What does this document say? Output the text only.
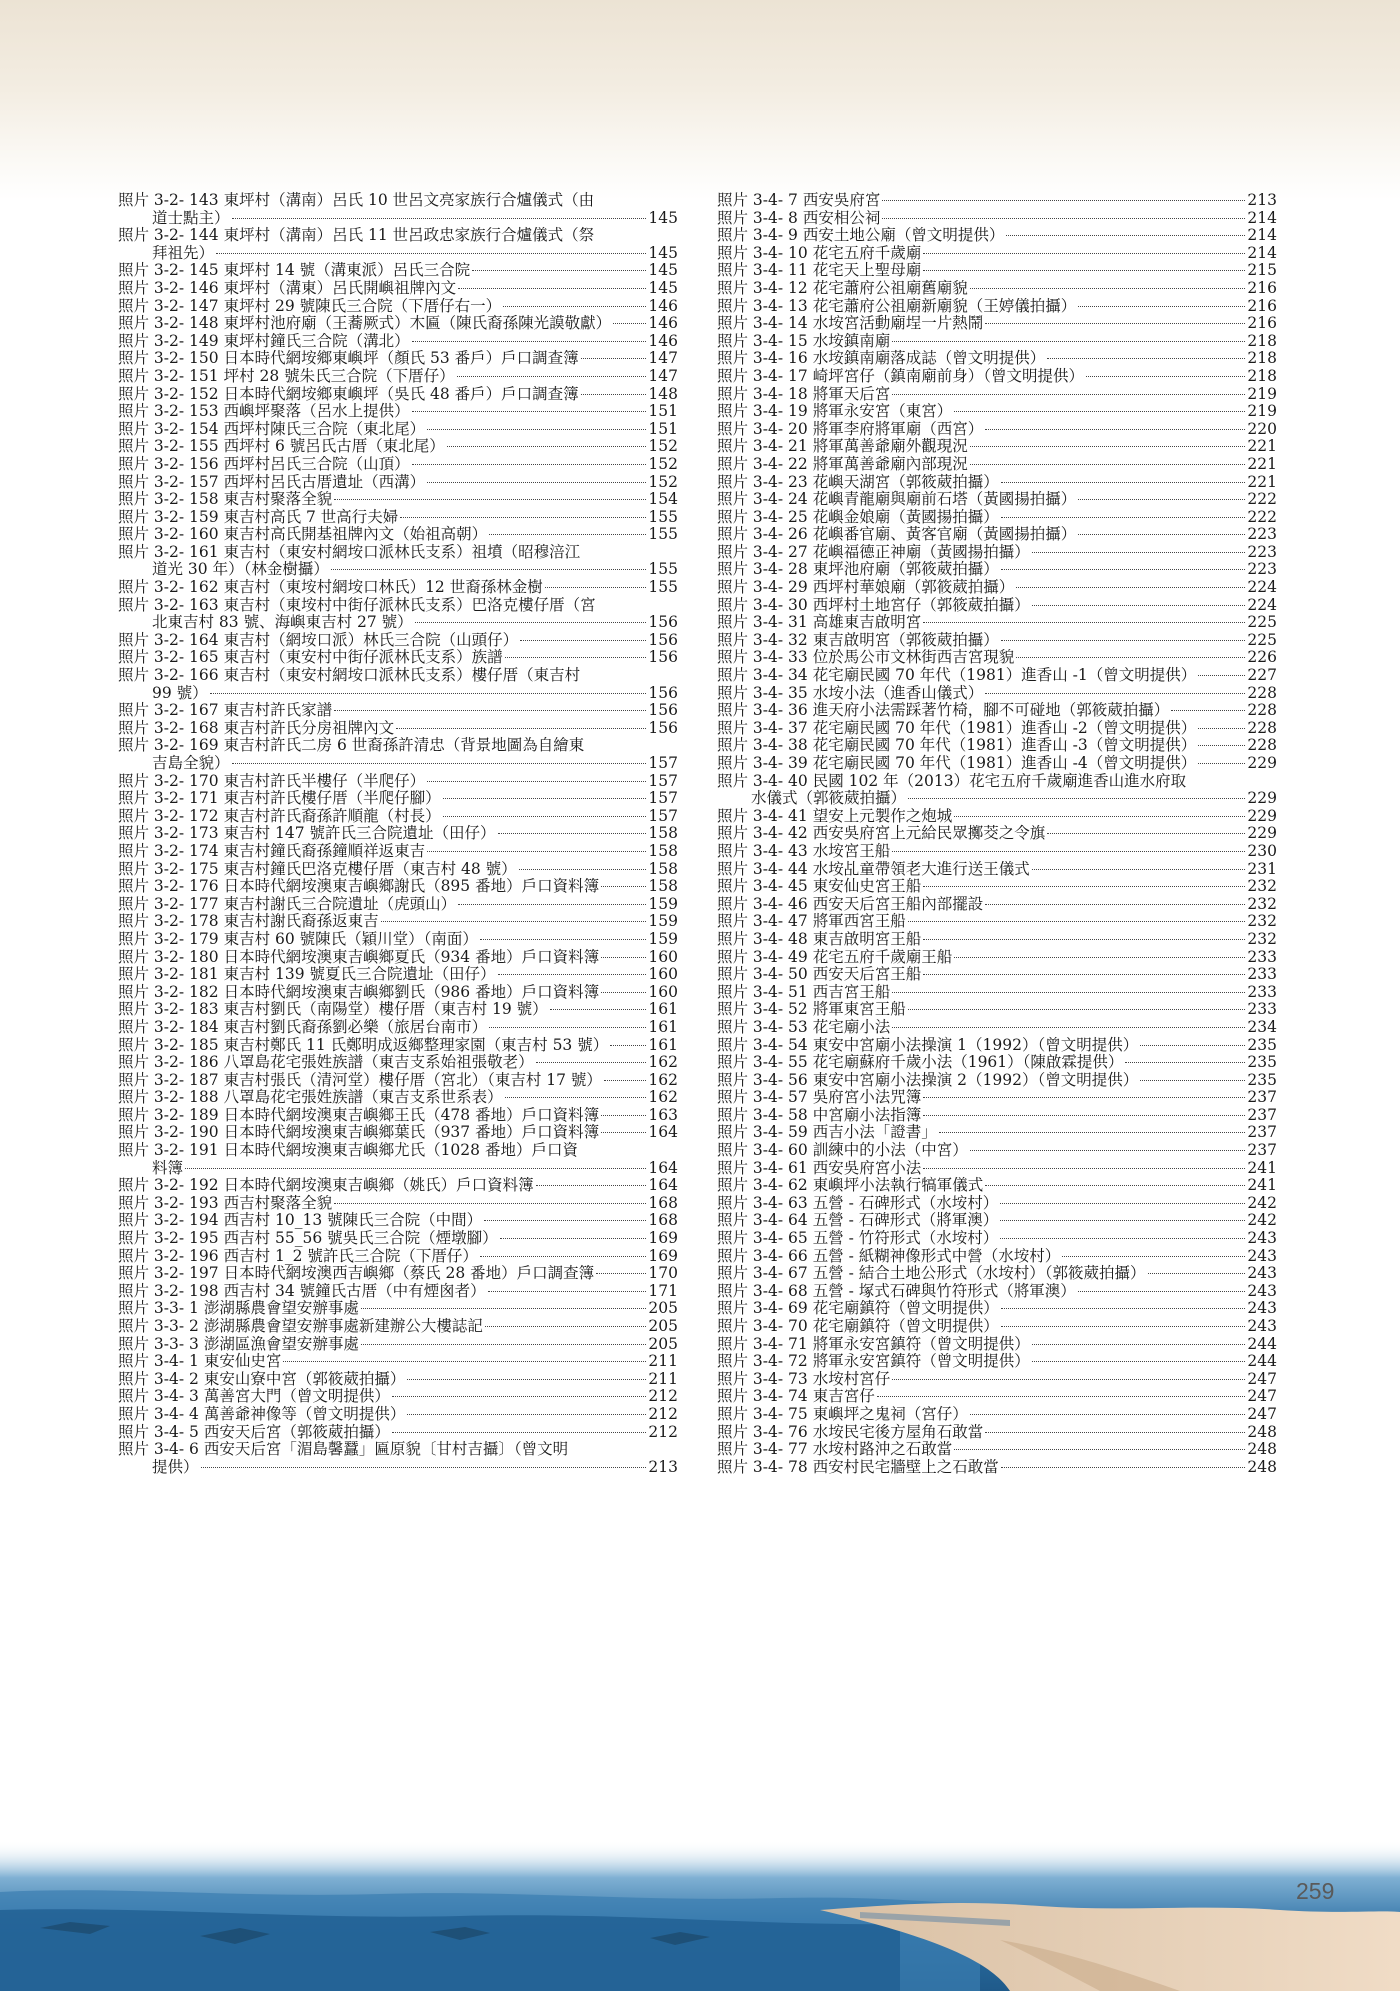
照片 3-2- 143 東坪村（溝南）呂氏 10 世呂文亮家族行合爐儀式（由
道士點主）	145
照片 3-2- 144 東坪村（溝南）呂氏 11 世呂政忠家族行合爐儀式（祭
拜祖先）	145
照片 3-2- 145 東坪村 14 號（溝東派）呂氏三合院	145
照片 3-2- 146 東坪村（溝東）呂氏開嶼祖牌內文	145
照片 3-2- 147 東坪村 29 號陳氏三合院（下厝仔右一）	146
照片 3-2- 148 東坪村池府廟（王蕎厥式）木匾（陳氏裔孫陳光謨敬獻） 146
照片 3-2- 149 東坪村鐘氏三合院（溝北）	146
照片 3-2- 150 日本時代網垵鄉東嶼坪（顏氏 53 番戶）戶口調查簿	147
照片 3-2- 151 坪村 28 號朱氏三合院（下厝仔）	147
照片 3-2- 152 日本時代網垵鄉東嶼坪（吳氏 48 番戶）戶口調查簿	148
照片 3-2- 153 西嶼坪聚落（呂水上提供）	151
照片 3-2- 154 西坪村陳氏三合院（東北尾）	151
照片 3-2- 155 西坪村 6 號呂氏古厝（東北尾）	152
照片 3-2- 156 西坪村呂氏三合院（山頂）	152
照片 3-2- 157 西坪村呂氏古厝遺址（西溝）	152
照片 3-2- 158 東吉村聚落全貌	154
照片 3-2- 159 東吉村高氏 7 世高行夫婦	155
照片 3-2- 160 東吉村高氏開基祖牌內文（始祖高朝）	155
照片 3-2- 161 東吉村（東安村網垵口派林氏支系）祖墳（昭穆涪江
道光 30 年）（林金樹攝）	155
照片 3-2- 162 東吉村（東垵村網垵口林氏）12 世裔孫林金樹	155
照片 3-2- 163 東吉村（東垵村中街仔派林氏支系）巴洛克樓仔厝（宮
北東吉村 83 號、海嶼東吉村 27 號）	156
照片 3-2- 164 東吉村（網垵口派）林氏三合院（山頭仔）	156
照片 3-2- 165 東吉村（東安村中街仔派林氏支系）族譜	156
照片 3-2- 166 東吉村（東安村網垵口派林氏支系）樓仔厝（東吉村
99 號）	156
照片 3-2- 167 東吉村許氏家譜	156
照片 3-2- 168 東吉村許氏分房祖牌內文	156
照片 3-2- 169 東吉村許氏二房 6 世裔孫許清忠（背景地圖為自繪東
吉島全貌）	157
照片 3-2- 170 東吉村許氏半樓仔（半爬仔）	157
照片 3-2- 171 東吉村許氏樓仔厝（半爬仔腳）	157
照片 3-2- 172 東吉村許氏裔孫許順龍（村長）	157
照片 3-2- 173 東吉村 147 號許氏三合院遺址（田仔）	158
照片 3-2- 174 東吉村鐘氏裔孫鐘順祥返東吉	158
照片 3-2- 175 東吉村鐘氏巴洛克樓仔厝（東吉村 48 號）	158
照片 3-2- 176 日本時代網垵澳東吉嶼鄉謝氏（895 番地）戶口資料簿	158
照片 3-2- 177 東吉村謝氏三合院遺址（虎頭山）	159
照片 3-2- 178 東吉村謝氏裔孫返東吉	159
照片 3-2- 179 東吉村 60 號陳氏（穎川堂）（南面）	159
照片 3-2- 180 日本時代網垵澳東吉嶼鄉夏氏（934 番地）戶口資料簿	160
照片 3-2- 181 東吉村 139 號夏氏三合院遺址（田仔）	160
照片 3-2- 182 日本時代網垵澳東吉嶼鄉劉氏（986 番地）戶口資料簿	160
照片 3-2- 183 東吉村劉氏（南陽堂）樓仔厝（東吉村 19 號）	161
照片 3-2- 184 東吉村劉氏裔孫劉必樂（旅居台南市）	161
照片 3-2- 185 東吉村鄭氏 11 氏鄭明成返鄉整理家園（東吉村 53 號）	161
照片 3-2- 186 八罩島花宅張姓族譜（東吉支系始祖張敬老）	162
照片 3-2- 187 東吉村張氏（清河堂）樓仔厝（宮北）（東吉村 17 號）	162
照片 3-2- 188 八罩島花宅張姓族譜（東吉支系世系表）	162
照片 3-2- 189 日本時代網垵澳東吉嶼鄉王氏（478 番地）戶口資料簿	163
照片 3-2- 190 日本時代網垵澳東吉嶼鄉葉氏（937 番地）戶口資料簿	164
照片 3-2- 191 日本時代網垵澳東吉嶼鄉尤氏（1028 番地）戶口資
料簿	164
照片 3-2- 192 日本時代網垵澳東吉嶼鄉（姚氏）戶口資料簿	164
照片 3-2- 193 西吉村聚落全貌	168
照片 3-2- 194 西吉村 10_13 號陳氏三合院（中間）	168
照片 3-2- 195 西吉村 55_56 號吳氏三合院（煙墩腳）	169
照片 3-2- 196 西吉村 1_2 號許氏三合院（下厝仔）	169
照片 3-2- 197 日本時代網垵澳西吉嶼鄉（蔡氏 28 番地）戶口調查簿	170
照片 3-2- 198 西吉村 34 號鐘氏古厝（中有煙囪者）	171
照片 3-3- 1 澎湖縣農會望安辦事處	205
照片 3-3- 2 澎湖縣農會望安辦事處新建辦公大樓誌記	205
照片 3-3- 3 澎湖區漁會望安辦事處	205
照片 3-4- 1 東安仙史宮	211
照片 3-4- 2 東安山寮中宮（郭筱葳拍攝）	211
照片 3-4- 3 萬善宮大門（曾文明提供）	212
照片 3-4- 4 萬善爺神像等（曾文明提供）	212
照片 3-4- 5 西安天后宮（郭筱葳拍攝）	212
照片 3-4- 6 西安天后宮「湄島馨蠶」匾原貌〔甘村吉攝〕（曾文明
提供）	213
照片 3-4- 7 西安吳府宮	213
照片 3-4- 8 西安相公祠	214
照片 3-4- 9 西安土地公廟（曾文明提供）	214
照片 3-4- 10 花宅五府千歲廟	214
照片 3-4- 11 花宅天上聖母廟	215
照片 3-4- 12 花宅蕭府公祖廟舊廟貌	216
照片 3-4- 13 花宅蕭府公祖廟新廟貌（王婷儀拍攝）	216
照片 3-4- 14 水垵宮活動廟埕一片熱鬧	216
照片 3-4- 15 水垵鎮南廟	218
照片 3-4- 16 水垵鎮南廟落成誌（曾文明提供）	218
照片 3-4- 17 崎坪宮仔（鎮南廟前身）（曾文明提供）	218
照片 3-4- 18 將軍天后宮	219
照片 3-4- 19 將軍永安宮（東宮）	219
照片 3-4- 20 將軍李府將軍廟（西宮）	220
照片 3-4- 21 將軍萬善爺廟外觀現況	221
照片 3-4- 22 將軍萬善爺廟內部現況	221
照片 3-4- 23 花嶼天湖宮（郭筱葳拍攝）	221
照片 3-4- 24 花嶼青龍廟與廟前石塔（黃國揚拍攝）	222
照片 3-4- 25 花嶼金娘廟（黃國揚拍攝）	222
照片 3-4- 26 花嶼番官廟、黃客官廟（黃國揚拍攝）	223
照片 3-4- 27 花嶼福德正神廟（黃國揚拍攝）	223
照片 3-4- 28 東坪池府廟（郭筱葳拍攝）	223
照片 3-4- 29 西坪村華娘廟（郭筱葳拍攝）	224
照片 3-4- 30 西坪村土地宮仔（郭筱葳拍攝）	224
照片 3-4- 31 高雄東吉啟明宮	225
照片 3-4- 32 東吉啟明宮（郭筱葳拍攝）	225
照片 3-4- 33 位於馬公市文林街西吉宮現貌	226
照片 3-4- 34 花宅廟民國 70 年代（1981）進香山 -1（曾文明提供）	227
照片 3-4- 35 水垵小法（進香山儀式）	228
照片 3-4- 36 進天府小法需踩著竹椅，腳不可碰地（郭筱葳拍攝）	228
照片 3-4- 37 花宅廟民國 70 年代（1981）進香山 -2（曾文明提供）	228
照片 3-4- 38 花宅廟民國 70 年代（1981）進香山 -3（曾文明提供）	228
照片 3-4- 39 花宅廟民國 70 年代（1981）進香山 -4（曾文明提供）	229
照片 3-4- 40 民國 102 年（2013）花宅五府千歲廟進香山進水府取
水儀式（郭筱葳拍攝）	229
照片 3-4- 41 望安上元製作之炮城	229
照片 3-4- 42 西安吳府宮上元給民眾擲茭之令旗	229
照片 3-4- 43 水垵宮王船	230
照片 3-4- 44 水垵乩童帶領老大進行送王儀式	231
照片 3-4- 45 東安仙史宮王船	232
照片 3-4- 46 西安天后宮王船內部擺設	232
照片 3-4- 47 將軍西宮王船	232
照片 3-4- 48 東吉啟明宮王船	232
照片 3-4- 49 花宅五府千歲廟王船	233
照片 3-4- 50 西安天后宮王船	233
照片 3-4- 51 西吉宮王船	233
照片 3-4- 52 將軍東宮王船	233
照片 3-4- 53 花宅廟小法	234
照片 3-4- 54 東安中宮廟小法操演 1（1992）（曾文明提供）	235
照片 3-4- 55 花宅廟蘇府千歲小法（1961）（陳啟霖提供）	235
照片 3-4- 56 東安中宮廟小法操演 2（1992）（曾文明提供）	235
照片 3-4- 57 吳府宮小法咒簿	237
照片 3-4- 58 中宮廟小法指簿	237
照片 3-4- 59 西吉小法「證書」	237
照片 3-4- 60 訓練中的小法（中宮）	237
照片 3-4- 61 西安吳府宮小法	241
照片 3-4- 62 東嶼坪小法執行犒軍儀式	241
照片 3-4- 63 五營 - 石碑形式（水垵村）	242
照片 3-4- 64 五營 - 石碑形式（將軍澳）	242
照片 3-4- 65 五營 - 竹符形式（水垵村）	243
照片 3-4- 66 五營 - 紙糊神像形式中營（水垵村）	243
照片 3-4- 67 五營 - 結合土地公形式（水垵村）（郭筱葳拍攝）	243
照片 3-4- 68 五營 - 塚式石碑與竹符形式（將軍澳）	243
照片 3-4- 69 花宅廟鎮符（曾文明提供）	243
照片 3-4- 70 花宅廟鎮符（曾文明提供）	243
照片 3-4- 71 將軍永安宮鎮符（曾文明提供）	244
照片 3-4- 72 將軍永安宮鎮符（曾文明提供）	244
照片 3-4- 73 水垵村宮仔	247
照片 3-4- 74 東吉宮仔	247
照片 3-4- 75 東嶼坪之鬼祠（宮仔）	247
照片 3-4- 76 水垵民宅後方屋角石敢當	248
照片 3-4- 77 水垵村路沖之石敢當	248
照片 3-4- 78 西安村民宅牆壁上之石敢當	248
259
